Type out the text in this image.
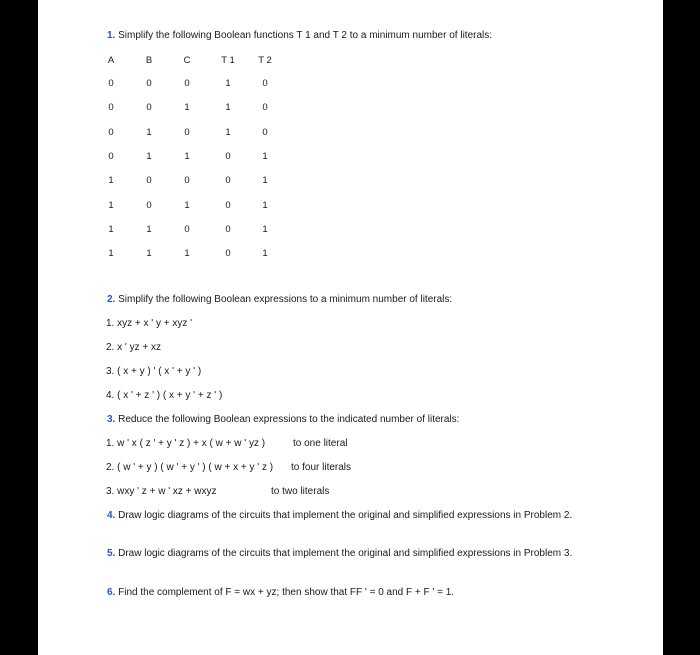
1. Simplify the following Boolean functions T 1 and T 2 to a minimum number of literals:
A	B	C	T 1	T 2
0	0	0	1	0
0	0	1	1	0
0	1	0	1	0
0	1	1	0	1
1	0	0	0	1
1	0	1	0	1
1	1	0	0	1
1	1	1	0	1
2. Simplify the following Boolean expressions to a minimum number of literals:
1. xyz + x ' y + xyz '
2. x ' yz + xz
3. ( x + y ) ' ( x ' + y ' )
4. ( x ' + z ' ) ( x + y ' + z ' )
3. Reduce the following Boolean expressions to the indicated number of literals:
1. w ' x ( z ' + y ' z ) + x ( w + w ' yz )	to one literal
2. ( w ' + y ) ( w ' + y ' ) ( w + x + y ' z ) to four literals
3. wxy ' z + w ' xz + wxyz	to two literals
4. Draw logic diagrams of the circuits that implement the original and simplified expressions in Problem 2.
5. Draw logic diagrams of the circuits that implement the original and simplified expressions in Problem 3.
6. Find the complement of F = wx + yz; then show that FF ' = 0 and F + F ' = 1.
